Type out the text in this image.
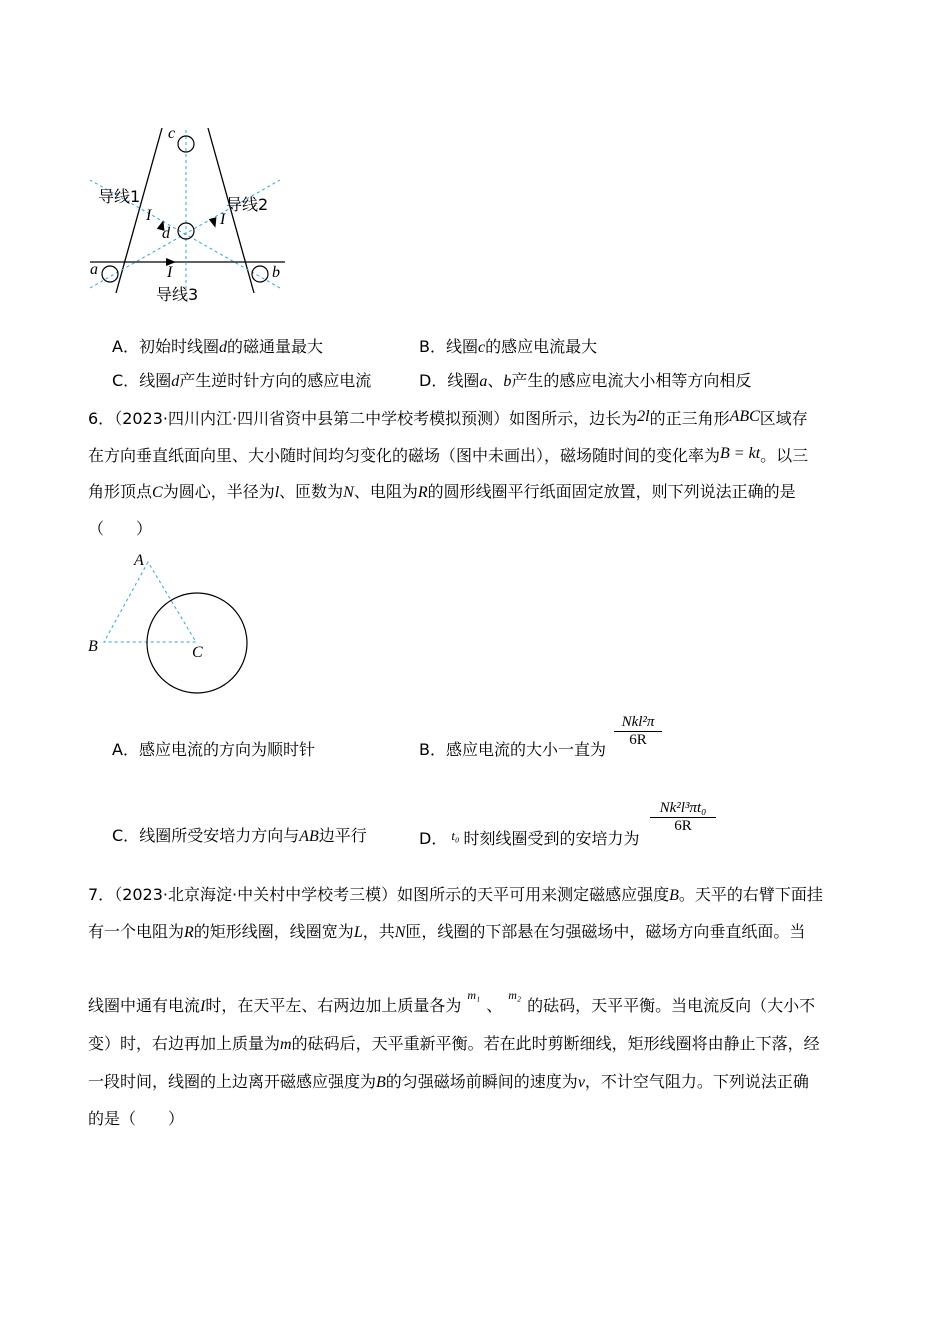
c
d
a	b
I	I
I
导线1	导线2
导线3
A．初始时线圈d的磁通量最大	B．线圈c的感应电流最大
C．线圈d产生逆时针方向的感应电流	D．线圈a、b产生的感应电流大小相等方向相反
6．（2023·四川内江·四川省资中县第二中学校考模拟预测）如图所示，边长为2l的正三角形ABC区域存
在方向垂直纸面向里、大小随时间均匀变化的磁场（图中未画出），磁场随时间的变化率为B = kt。以三
角形顶点C为圆心，半径为l、匝数为N、电阻为R的圆形线圈平行纸面固定放置，则下列说法正确的是
（　　）
A
B	C
A．感应电流的方向为顺时针	B．感应电流的大小一直为
Nkl²π
6R
C．线圈所受安培力方向与AB边平行	D． $^{t_0}$ 时刻线圈受到的安培力为
Nk²l³πt₀
6R
7．（2023·北京海淀·中关村中学校考三模）如图所示的天平可用来测定磁感应强度B。天平的右臂下面挂
有一个电阻为R的矩形线圈，线圈宽为L，共N匝，线圈的下部悬在匀强磁场中，磁场方向垂直纸面。当
线圈中通有电流I时，在天平左、右两边加上质量各为$^{m_1}$、$^{m_2}$的砝码，天平平衡。当电流反向（大小不
变）时，右边再加上质量为m的砝码后，天平重新平衡。若在此时剪断细线，矩形线圈将由静止下落，经
一段时间，线圈的上边离开磁感应强度为B的匀强磁场前瞬间的速度为v，不计空气阻力。下列说法正确
的是（　　）
